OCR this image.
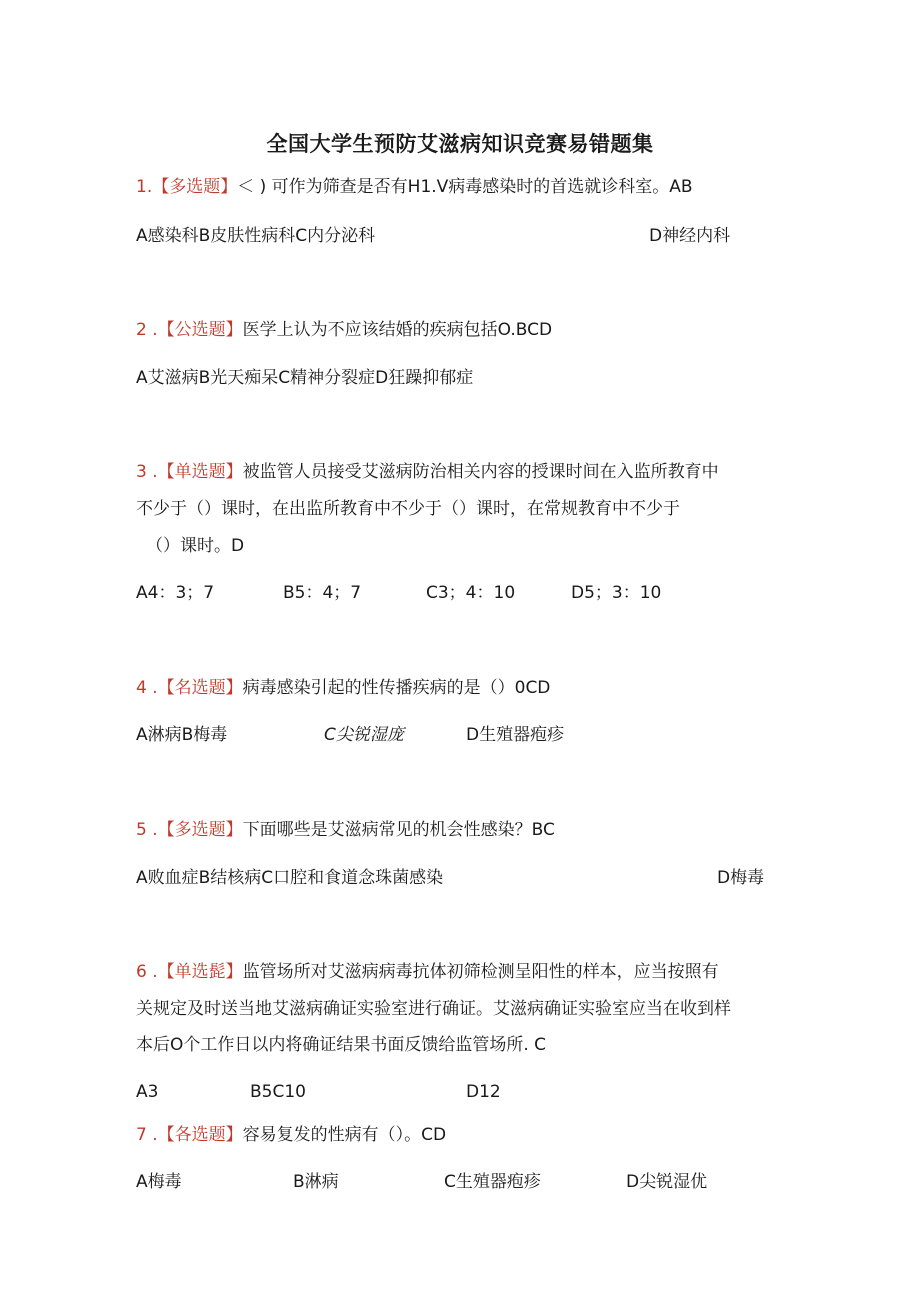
全国大学生预防艾滋病知识竞赛易错题集
1.【多选题】＜ ) 可作为筛查是否有H1.V病毒感染时的首选就诊科室。AB
A感染科B皮肤性病科C内分泌科	D神经内科
2 .【公选题】医学上认为不应该结婚的疾病包括O.BCD
A艾滋病B光天痴呆C精神分裂症D狂躁抑郁症
3 .【单选题】被监管人员接受艾滋病防治相关内容的授课时间在入监所教育中
不少于（）课时，在出监所教育中不少于（）课时，在常规教育中不少于
（）课时。D
A4：3；7	B5：4；7	C3；4：10	D5；3：10
4 .【名选题】病毒感染引起的性传播疾病的是（）0CD
A淋病B梅毒	C尖锐湿庞	D生殖器疱疹
5 .【多选题】下面哪些是艾滋病常见的机会性感染？BC
A败血症B结核病C口腔和食道念珠菌感染	D梅毒
6 .【单选髭】监管场所对艾滋病病毒抗体初筛检测呈阳性的样本，应当按照有
关规定及时送当地艾滋病确证实验室进行确证。艾滋病确证实验室应当在收到样
本后O个工作日以内将确证结果书面反馈给监管场所. C
A3	B5C10	D12
7 .【各选题】容易复发的性病有（）。CD
A梅毒	B淋病	C生殖器疱疹	D尖锐湿优
